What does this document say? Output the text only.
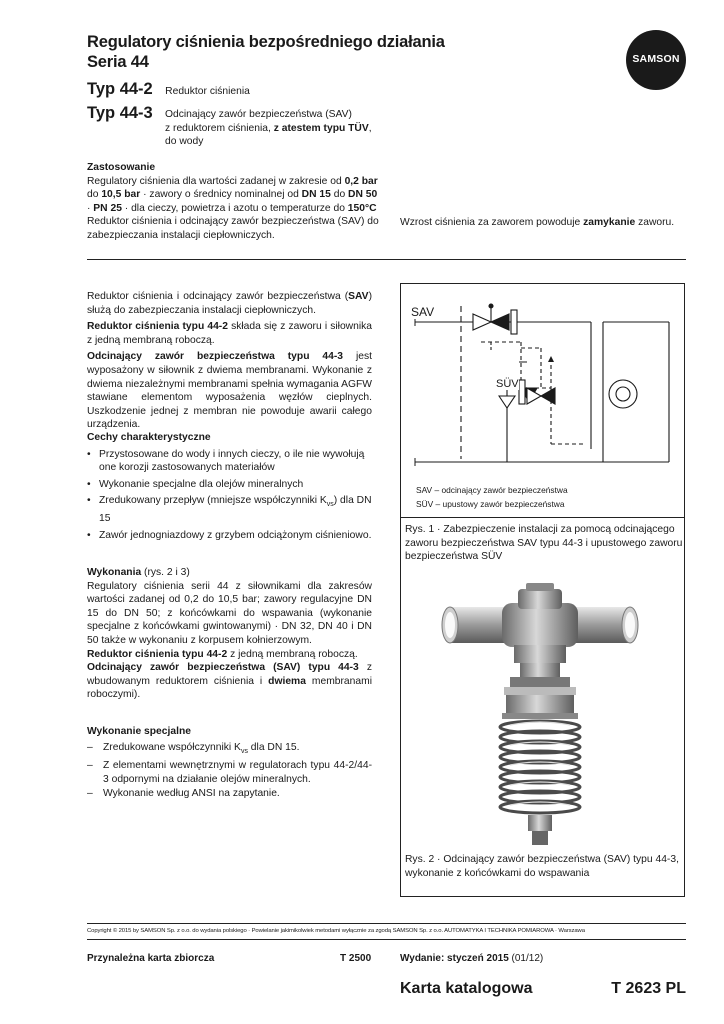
Regulatory ciśnienia bezpośredniego działania
Seria 44	SAMSON
Typ 44-2 Reduktor ciśnienia
Typ 44-3 Odcinający zawór bezpieczeństwa (SAV)
z reduktorem ciśnienia, z atestem typu TÜV,
do wody
Zastosowanie
Regulatory ciśnienia dla wartości zadanej w zakresie od 0,2 bar
do 10,5 bar · zawory o średnicy nominalnej od DN 15 do DN 50
· PN 25 · dla cieczy, powietrza i azotu o temperaturze do 150°C
Reduktor ciśnienia i odcinający zawór bezpieczeństwa (SAV) do
zabezpieczania instalacji ciepłowniczych.
Wzrost ciśnienia za zaworem powoduje zamykanie zaworu.

Reduktor ciśnienia i odcinający zawór bezpieczeństwa (SAV) służą do zabezpieczania instalacji ciepłowniczych.

Reduktor ciśnienia typu 44-2 składa się z zaworu i siłownika z jedną membraną roboczą.

Odcinający zawór bezpieczeństwa typu 44-3 jest wyposażony w siłownik z dwiema membranami. Wykonanie z dwiema niezależnymi membranami spełnia wymagania AGFW stawiane elementom wyposażenia węzłów cieplnych. Uszkodzenie jednej z membran nie powoduje awarii całego urządzenia.

Cechy charakterystyczne
• Przystosowane do wody i innych cieczy, o ile nie wywołują one korozji zastosowanych materiałów
• Wykonanie specjalne dla olejów mineralnych
• Zredukowany przepływ (mniejsze współczynniki $K_{vs}$) dla DN 15
• Zawór jednogniazdowy z grzybem odciążonym ciśnieniowo.

Wykonania (rys. 2 i 3)

Regulatory ciśnienia serii 44 z siłownikami dla zakresów wartości zadanej od 0,2 do 10,5 bar; zawory regulacyjne DN 15 do DN 50; z końcówkami do wspawania (wykonanie specjalne z końcówkami gwintowanymi) · DN 32, DN 40 i DN 50 także w wykonaniu z korpusem kołnierzowym.

Reduktor ciśnienia typu 44-2 z jedną membraną roboczą.

Odcinający zawór bezpieczeństwa (SAV) typu 44-3 z wbudowanym reduktorem ciśnienia i dwiema membranami roboczymi).

Wykonanie specjalne
– Zredukowane współczynniki $K_{vs}$ dla DN 15.
– Z elementami wewnętrznymi w regulatorach typu 44-2/44-3 odpornymi na działanie olejów mineralnych.
– Wykonanie według ANSI na zapytanie.
SAV
SÜV
SAV – odcinający zawór bezpieczeństwa
SÜV – upustowy zawór bezpieczeństwa
Rys. 1 · Zabezpieczenie instalacji za pomocą odcinającego zaworu bezpieczeństwa SAV typu 44-3 i upustowego zaworu bezpieczeństwa SÜV
Rys. 2 · Odcinający zawór bezpieczeństwa (SAV) typu 44-3, wykonanie z końcówkami do wspawania
Copyright © 2015 by SAMSON Sp. z o.o. do wydania polskiego · Powielanie jakimikolwiek metodami wyłącznie za zgodą SAMSON Sp. z o.o. AUTOMATYKA I TECHNIKA POMIAROWA · Warszawa
Przynależna karta zbiorcza	T 2500	Wydanie: styczeń 2015 (01/12)
Karta katalogowa	T 2623 PL
